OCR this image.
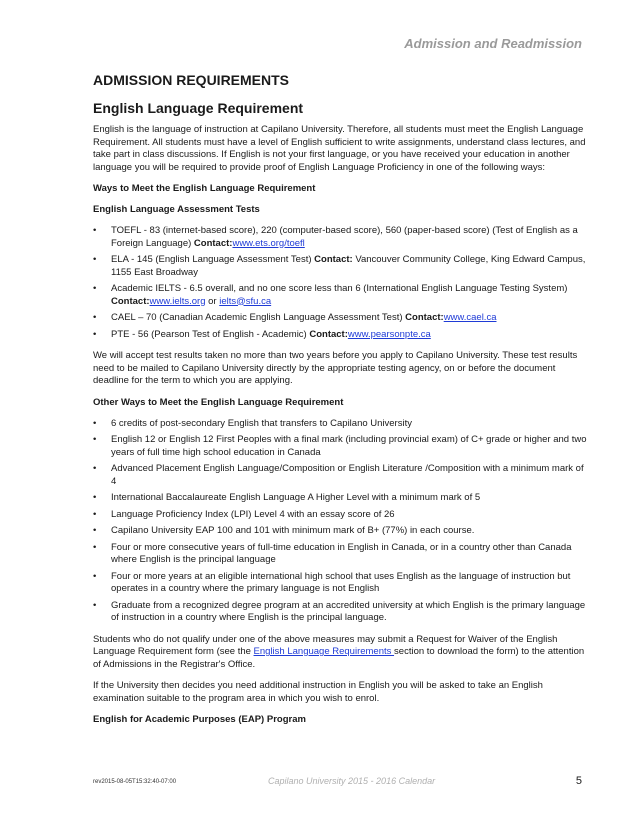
Admission and Readmission
ADMISSION REQUIREMENTS
English Language Requirement

English is the language of instruction at Capilano University. Therefore, all students must meet the English Language Requirement. All students must have a level of English sufficient to write assignments, understand class lectures, and take part in class discussions. If English is not your first language, or you have received your education in another language you will be required to provide proof of English Language Proficiency in one of the following ways:

Ways to Meet the English Language Requirement
English Language Assessment Tests
• TOEFL - 83 (internet-based score), 220 (computer-based score), 560 (paper-based score) (Test of English as a Foreign Language) Contact:www.ets.org/toefl
• ELA - 145 (English Language Assessment Test) Contact: Vancouver Community College, King Edward Campus, 1155 East Broadway
• Academic IELTS - 6.5 overall, and no one score less than 6 (International English Language Testing System) Contact:www.ielts.org or ielts@sfu.ca
• CAEL – 70 (Canadian Academic English Language Assessment Test) Contact:www.cael.ca
• PTE - 56 (Pearson Test of English - Academic) Contact:www.pearsonpte.ca

We will accept test results taken no more than two years before you apply to Capilano University. These test results need to be mailed to Capilano University directly by the appropriate testing agency, on or before the document deadline for the term to which you are applying.

Other Ways to Meet the English Language Requirement
• 6 credits of post-secondary English that transfers to Capilano University
• English 12 or English 12 First Peoples with a final mark (including provincial exam) of C+ grade or higher and two years of full time high school education in Canada
• Advanced Placement English Language/Composition or English Literature /Composition with a minimum mark of 4
• International Baccalaureate English Language A Higher Level with a minimum mark of 5
• Language Proficiency Index (LPI) Level 4 with an essay score of 26
• Capilano University EAP 100 and 101 with minimum mark of B+ (77%) in each course.
• Four or more consecutive years of full-time education in English in Canada, or in a country other than Canada where English is the principal language
• Four or more years at an eligible international high school that uses English as the language of instruction but operates in a country where the primary language is not English
• Graduate from a recognized degree program at an accredited university at which English is the primary language of instruction in a country where English is the principal language.

Students who do not qualify under one of the above measures may submit a Request for Waiver of the English Language Requirement form (see the English Language Requirements section to download the form) to the attention of Admissions in the Registrar's Office.

If the University then decides you need additional instruction in English you will be asked to take an English examination suitable to the program area in which you wish to enrol.

English for Academic Purposes (EAP) Program
rev2015-08-05T15:32:40-07:00	Capilano University 2015 - 2016 Calendar	5
